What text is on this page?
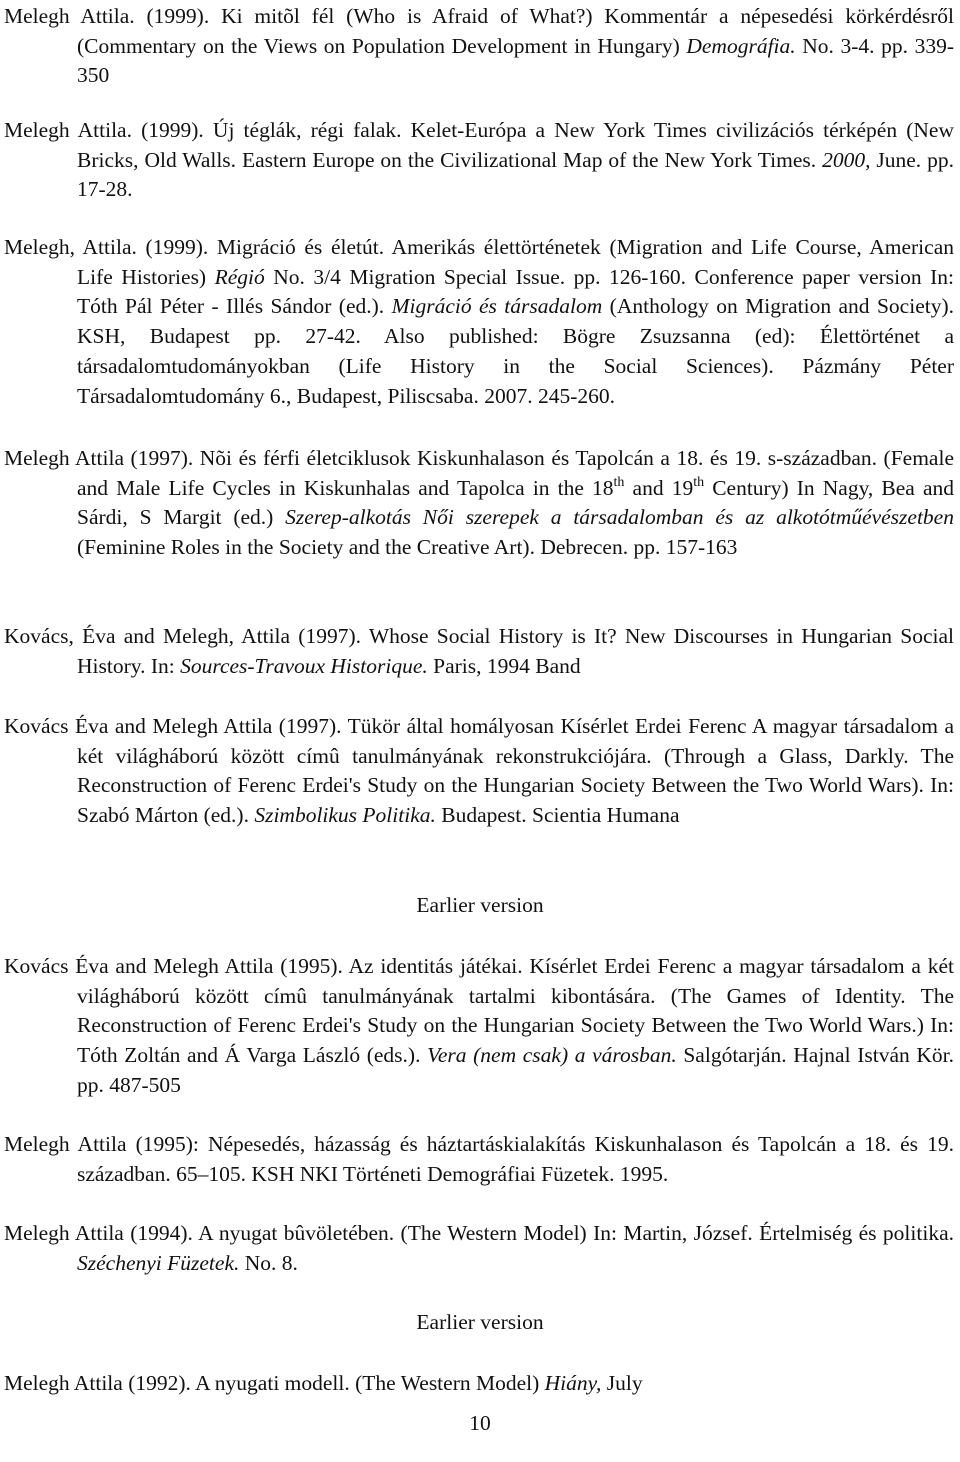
Melegh Attila. (1999). Ki mitõl fél (Who is Afraid of What?) Kommentár a népesedési körkérdésről (Commentary on the Views on Population Development in Hungary) Demográfia. No. 3-4. pp. 339-350
Melegh Attila. (1999). Új téglák, régi falak. Kelet-Európa a New York Times civilizációs térképén (New Bricks, Old Walls. Eastern Europe on the Civilizational Map of the New York Times. 2000, June. pp. 17-28.
Melegh, Attila. (1999). Migráció és életút. Amerikás élettörténetek (Migration and Life Course, American Life Histories) Régió No. 3/4 Migration Special Issue. pp. 126-160. Conference paper version In: Tóth Pál Péter - Illés Sándor (ed.). Migráció és társadalom (Anthology on Migration and Society). KSH, Budapest pp. 27-42. Also published: Bögre Zsuzsanna (ed): Élettörténet a társadalomtudományokban (Life History in the Social Sciences). Pázmány Péter Társadalomtudomány 6., Budapest, Piliscsaba. 2007. 245-260.
Melegh Attila (1997). Nõi és férfi életciklusok Kiskunhalason és Tapolcán a 18. és 19. s-században. (Female and Male Life Cycles in Kiskunhalas and Tapolca in the 18th and 19th Century) In Nagy, Bea and Sárdi, S Margit (ed.) Szerep-alkotás Női szerepek a társadalomban és az alkotótműévészetben (Feminine Roles in the Society and the Creative Art). Debrecen. pp. 157-163
Kovács, Éva and Melegh, Attila (1997). Whose Social History is It? New Discourses in Hungarian Social History. In: Sources-Travoux Historique. Paris, 1994 Band
Kovács Éva and Melegh Attila (1997). Tükör által homályosan Kísérlet Erdei Ferenc A magyar társadalom a két világháború között címû tanulmányának rekonstrukciójára. (Through a Glass, Darkly. The Reconstruction of Ferenc Erdei's Study on the Hungarian Society Between the Two World Wars). In: Szabó Márton (ed.). Szimbolikus Politika. Budapest. Scientia Humana
Earlier version
Kovács Éva and Melegh Attila (1995). Az identitás játékai. Kísérlet Erdei Ferenc a magyar társadalom a két világháború között címû tanulmányának tartalmi kibontására. (The Games of Identity. The Reconstruction of Ferenc Erdei's Study on the Hungarian Society Between the Two World Wars.) In: Tóth Zoltán and Á Varga László (eds.). Vera (nem csak) a városban. Salgótarján. Hajnal István Kör. pp. 487-505
Melegh Attila (1995): Népesedés, házasság és háztartáskialakítás Kiskunhalason és Tapolcán a 18. és 19. században. 65–105. KSH NKI Történeti Demográfiai Füzetek. 1995.
Melegh Attila (1994). A nyugat bûvöletében. (The Western Model) In: Martin, József. Értelmiség és politika. Széchenyi Füzetek. No. 8.
Earlier version
Melegh Attila (1992). A nyugati modell. (The Western Model) Hiány, July
10
